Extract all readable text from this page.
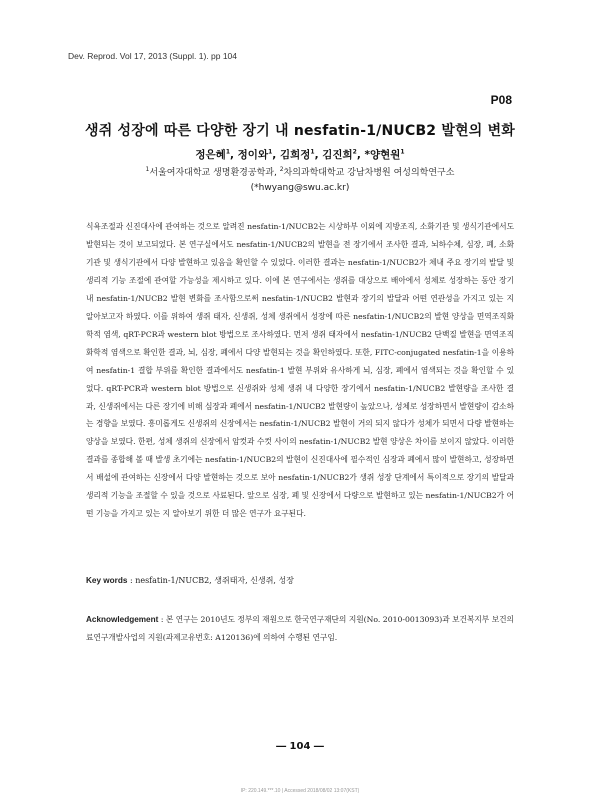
Dev. Reprod. Vol 17, 2013 (Suppl. 1). pp 104
P08
생쥐 성장에 따른 다양한 장기 내 nesfatin-1/NUCB2 발현의 변화
정은혜$^1$, 정이와$^1$, 김희정$^1$, 김진희$^2$, *양현원$^1$
$^1$서울여자대학교 생명환경공학과, $^2$차의과학대학교 강남차병원 여성의학연구소
(*hwyang@swu.ac.kr)
식욕조절과 신진대사에 관여하는 것으로 알려진 nesfatin-1/NUCB2는 시상하부 이외에 지방조직, 소화기관 및 생식기관에서도 발현되는 것이 보고되었다. 본 연구실에서도 nesfatin-1/NUCB2의 발현을 전 장기에서 조사한 결과, 뇌하수체, 심장, 폐, 소화기관 및 생식기관에서 다양 발현하고 있음을 확인할 수 있었다. 이러한 결과는 nesfatin-1/NUCB2가 체내 주요 장기의 발달 및 생리적 기능 조절에 관여할 가능성을 제시하고 있다. 이에 본 연구에서는 생쥐를 대상으로 배아에서 성체로 성장하는 동안 장기 내 nesfatin-1/NUCB2 발현 변화를 조사함으로써 nesfatin-1/NUCB2 발현과 장기의 발달과 어떤 연관성을 가지고 있는 지 알아보고자 하였다. 이를 위하여 생쥐 태자, 신생쥐, 성체 생쥐에서 성장에 따른 nesfatin-1/NUCB2의 발현 양상을 면역조직화학적 염색, qRT-PCR과 western blot 방법으로 조사하였다. 먼저 생쥐 태자에서 nesfatin-1/NUCB2 단백질 발현을 면역조직화학적 염색으로 확인한 결과, 뇌, 심장, 폐에서 다양 발현되는 것을 확인하였다. 또한, FITC-conjugated nesfatin-1을 이용하여 nesfatin-1 결합 부위를 확인한 결과에서도 nesfatin-1 발현 부위와 유사하게 뇌, 심장, 폐에서 염색되는 것을 확인할 수 있었다. qRT-PCR과 western blot 방법으로 신생쥐와 성체 생쥐 내 다양한 장기에서 nesfatin-1/NUCB2 발현량을 조사한 결과, 신생쥐에서는 다른 장기에 비해 심장과 폐에서 nesfatin-1/NUCB2 발현량이 높았으나, 성체로 성장하면서 발현량이 감소하는 경향을 보였다. 흥미롭게도 신생쥐의 신장에서는 nesfatin-1/NUCB2 발현이 거의 되지 않다가 성체가 되면서 다량 발현하는 양상을 보였다. 한편, 성체 생쥐의 신장에서 암컷과 수컷 사이의 nesfatin-1/NUCB2 발현 양상은 차이를 보이지 않았다. 이러한 결과를 종합해 볼 때 발생 초기에는 nesfatin-1/NUCB2의 발현이 신진대사에 필수적인 심장과 폐에서 많이 발현하고, 성장하면서 배설에 관여하는 신장에서 다양 발현하는 것으로 보아 nesfatin-1/NUCB2가 생쥐 성장 단계에서 특이적으로 장기의 발달과 생리적 기능을 조절할 수 있을 것으로 사료된다. 앞으로 심장, 폐 및 신장에서 다량으로 발현하고 있는 nesfatin-1/NUCB2가 어떤 기능을 가지고 있는 지 알아보기 위한 더 많은 연구가 요구된다.
Key words : nesfatin-1/NUCB2, 생쥐태자, 신생쥐, 성장
Acknowledgement : 본 연구는 2010년도 정부의 재원으로 한국연구재단의 지원(No. 2010-0013093)과 보건복지부 보건의료연구개발사업의 지원(과제고유번호: A120136)에 의하여 수행된 연구임.
― 104 ―
IP: 220.149.***.10 | Accessed 2018/08/02 13:07(KST)
